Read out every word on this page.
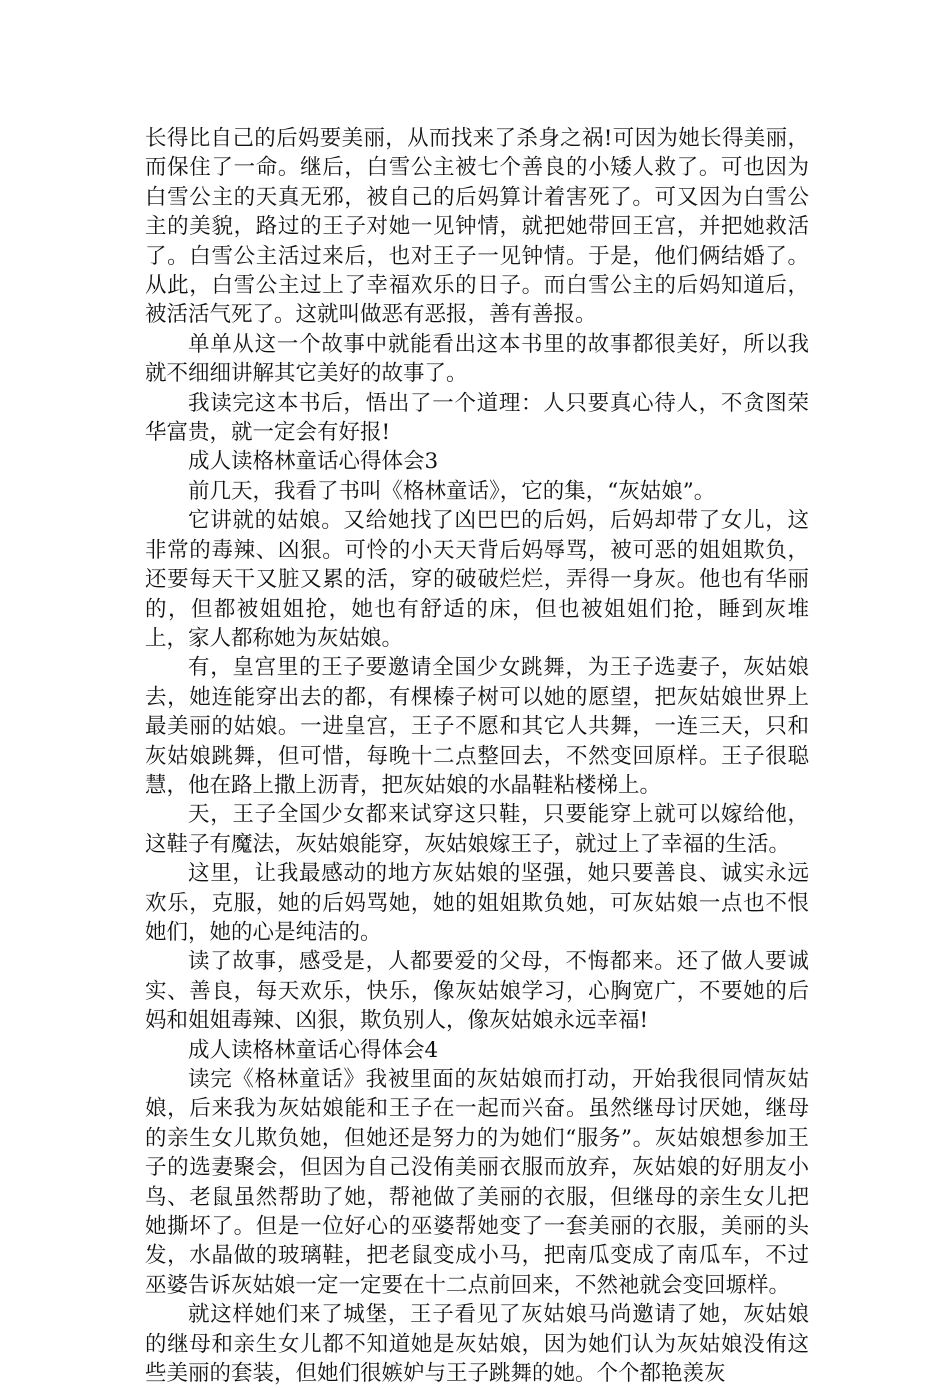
长得比自己的后妈要美丽，从而找来了杀身之祸!可因为她长得美丽，而保住了一命。继后，白雪公主被七个善良的小矮人救了。可也因为白雪公主的天真无邪，被自己的后妈算计着害死了。可又因为白雪公主的美貌，路过的王子对她一见钟情，就把她带回王宫，并把她救活了。白雪公主活过来后，也对王子一见钟情。于是，他们俩结婚了。从此，白雪公主过上了幸福欢乐的日子。而白雪公主的后妈知道后，被活活气死了。这就叫做恶有恶报，善有善报。

单单从这一个故事中就能看出这本书里的故事都很美好，所以我就不细细讲解其它美好的故事了。

我读完这本书后，悟出了一个道理：人只要真心待人，不贪图荣华富贵，就一定会有好报!

成人读格林童话心得体会3

前几天，我看了书叫《格林童话》，它的集，“灰姑娘”。

它讲就的姑娘。又给她找了凶巴巴的后妈，后妈却带了女儿，这非常的毒辣、凶狠。可怜的小天天背后妈辱骂，被可恶的姐姐欺负，还要每天干又脏又累的活，穿的破破烂烂，弄得一身灰。他也有华丽的，但都被姐姐抢，她也有舒适的床，但也被姐姐们抢，睡到灰堆上，家人都称她为灰姑娘。

有，皇宫里的王子要邀请全国少女跳舞，为王子选妻子，灰姑娘去，她连能穿出去的都，有棵榛子树可以她的愿望，把灰姑娘世界上最美丽的姑娘。一进皇宫，王子不愿和其它人共舞，一连三天，只和灰姑娘跳舞，但可惜，每晚十二点整回去，不然变回原样。王子很聪慧，他在路上撒上沥青，把灰姑娘的水晶鞋粘楼梯上。

天，王子全国少女都来试穿这只鞋，只要能穿上就可以嫁给他，这鞋子有魔法，灰姑娘能穿，灰姑娘嫁王子，就过上了幸福的生活。

这里，让我最感动的地方灰姑娘的坚强，她只要善良、诚实永远欢乐，克服，她的后妈骂她，她的姐姐欺负她，可灰姑娘一点也不恨她们，她的心是纯洁的。

读了故事，感受是，人都要爱的父母，不悔都来。还了做人要诚实、善良，每天欢乐，快乐，像灰姑娘学习，心胸宽广，不要她的后妈和姐姐毒辣、凶狠，欺负别人，像灰姑娘永远幸福!

成人读格林童话心得体会4

读完《格林童话》我被里面的灰姑娘而打动，开始我很同情灰姑娘，后来我为灰姑娘能和王子在一起而兴奋。虽然继母讨厌她，继母的亲生女儿欺负她，但她还是努力的为她们“服务”。灰姑娘想参加王子的选妻聚会，但因为自己没侑美丽衣服而放弃，灰姑娘的好朋友小鸟、老鼠虽然帮助了她，帮祂做了美丽的衣服，但继母的亲生女儿把她撕坏了。但是一位好心的巫婆帮她变了一套美丽的衣服，美丽的头发，水晶做的玻璃鞋，把老鼠变成小马，把南瓜变成了南瓜车，不过巫婆告诉灰姑娘一定一定要在十二点前回来，不然祂就会变回塬样。

就这样她们来了城堡，王子看见了灰姑娘马尚邀请了她，灰姑娘的继母和亲生女儿都不知道她是灰姑娘，因为她们认为灰姑娘没侑这些美丽的套装，但她们很嫉妒与王子跳舞的她。个个都艳羡灰
